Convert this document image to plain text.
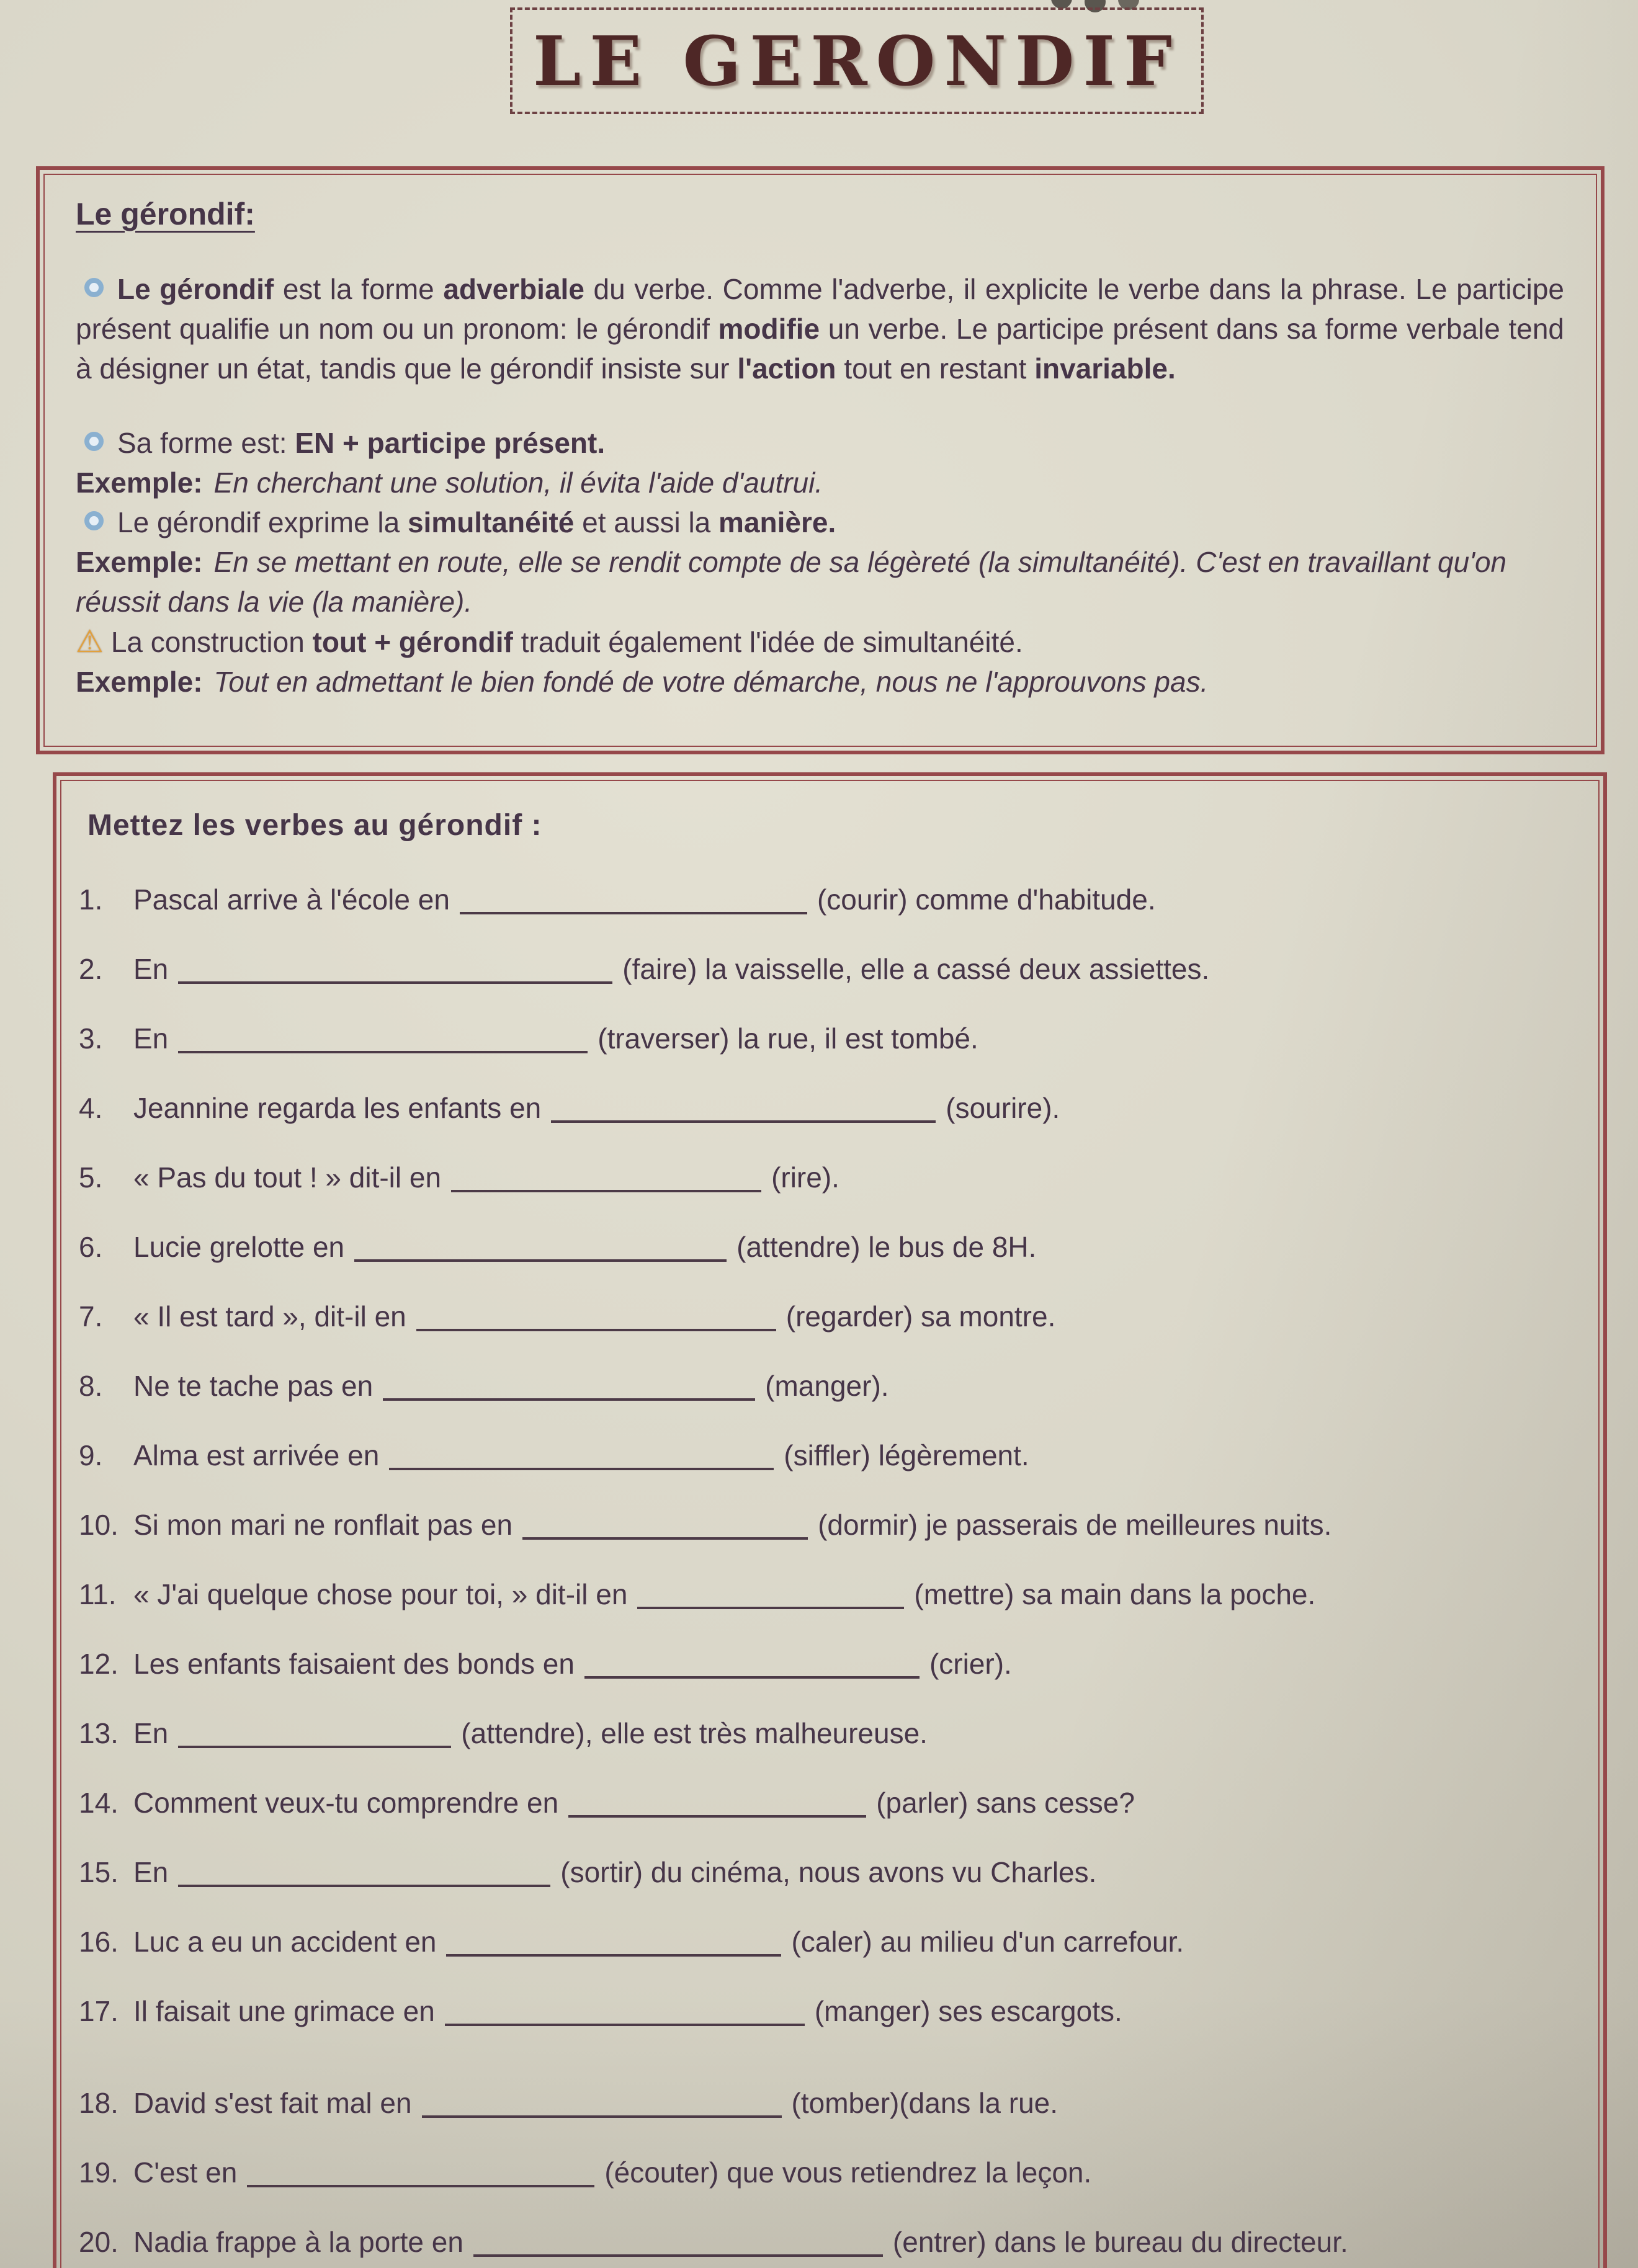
LE GERONDIF
Le gérondif:

Le gérondif est la forme adverbiale du verbe. Comme l'adverbe, il explicite le verbe dans la phrase. Le participe présent qualifie un nom ou un pronom: le gérondif modifie un verbe. Le participe présent dans sa forme verbale tend à désigner un état, tandis que le gérondif insiste sur l'action tout en restant invariable.

Sa forme est: EN + participe présent.

Exemple: En cherchant une solution, il évita l'aide d'autrui.

Le gérondif exprime la simultanéité et aussi la manière.

Exemple: En se mettant en route, elle se rendit compte de sa légèreté (la simultanéité). C'est en travaillant qu'on réussit dans la vie (la manière).

⚠ La construction tout + gérondif traduit également l'idée de simultanéité.

Exemple: Tout en admettant le bien fondé de votre démarche, nous ne l'approuvons pas.

Mettez les verbes au gérondif :
1. Pascal arrive à l'école en	(courir) comme d'habitude.
2. En	(faire) la vaisselle, elle a cassé deux assiettes.
3. En	(traverser) la rue, il est tombé.
4. Jeannine regarda les enfants en	(sourire).
5. « Pas du tout ! » dit-il en	(rire).
6. Lucie grelotte en	(attendre) le bus de 8H.
7. « Il est tard », dit-il en	(regarder) sa montre.
8. Ne te tache pas en	(manger).
9. Alma est arrivée en	(siffler) légèrement.
10. Si mon mari ne ronflait pas en	(dormir) je passerais de meilleures nuits.
11. « J'ai quelque chose pour toi, » dit-il en	(mettre) sa main dans la poche.
12. Les enfants faisaient des bonds en	(crier).
13. En	(attendre), elle est très malheureuse.
14. Comment veux-tu comprendre en	(parler) sans cesse?
15. En	(sortir) du cinéma, nous avons vu Charles.
16. Luc a eu un accident en	(caler) au milieu d'un carrefour.
17. Il faisait une grimace en	(manger) ses escargots.
18. David s'est fait mal en	(tomber)(dans la rue.
19. C'est en	(écouter) que vous retiendrez la leçon.
20. Nadia frappe à la porte en	(entrer) dans le bureau du directeur.
